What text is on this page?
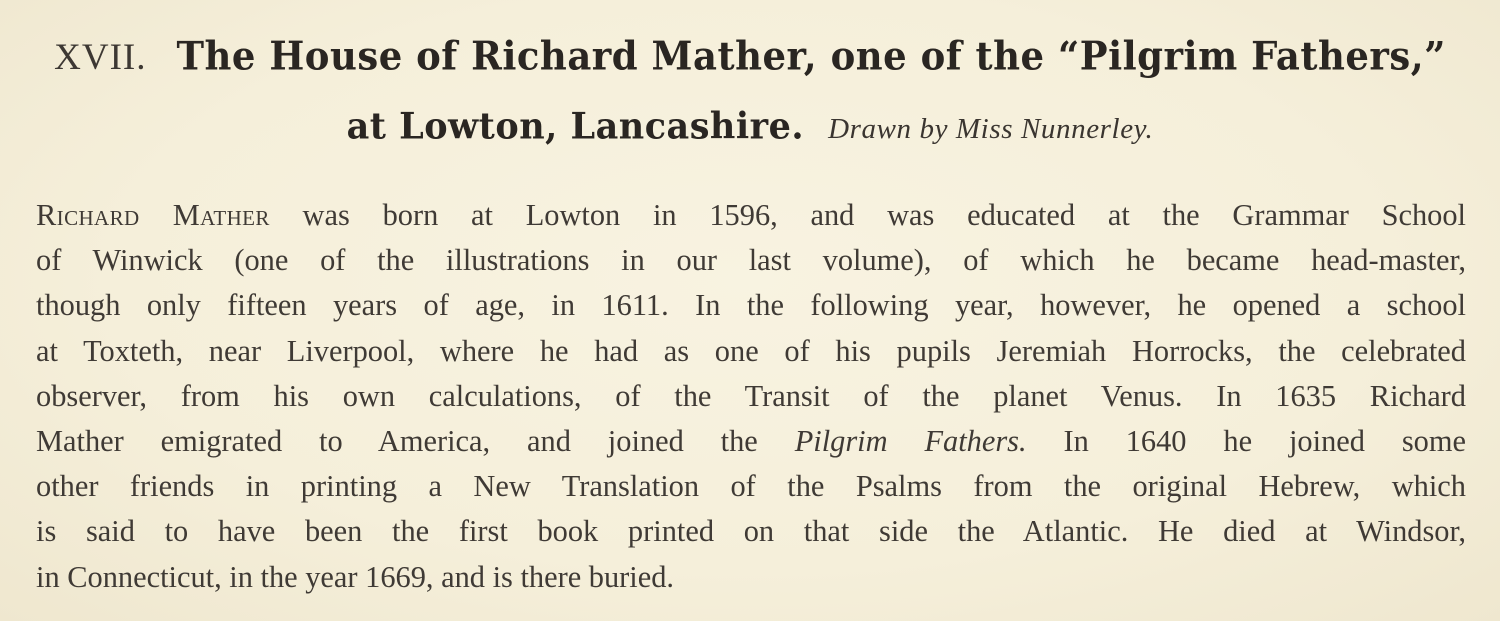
XVII. The House of Richard Mather, one of the “Pilgrim Fathers,”
at Lowton, Lancashire. Drawn by Miss Nunnerley.
Richard Mather was born at Lowton in 1596, and was educated at the Grammar School
of Winwick (one of the illustrations in our last volume), of which he became head-master,
though only fifteen years of age, in 1611. In the following year, however, he opened a school
at Toxteth, near Liverpool, where he had as one of his pupils Jeremiah Horrocks, the celebrated
observer, from his own calculations, of the Transit of the planet Venus. In 1635 Richard
Mather emigrated to America, and joined the Pilgrim Fathers. In 1640 he joined some
other friends in printing a New Translation of the Psalms from the original Hebrew, which
is said to have been the first book printed on that side the Atlantic. He died at Windsor,
in Connecticut, in the year 1669, and is there buried.
